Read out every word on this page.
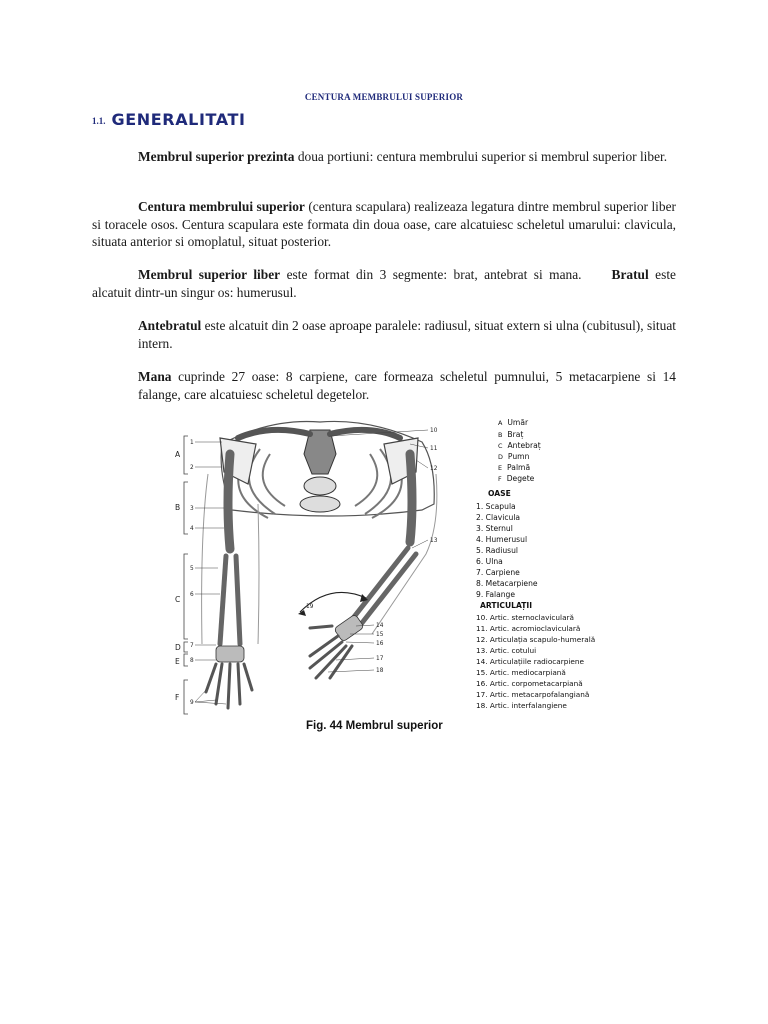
CENTURA MEMBRULUI SUPERIOR
1.1. GENERALITATI

Membrul superior prezinta doua portiuni: centura membrului superior si membrul superior liber.

Centura membrului superior (centura scapulara) realizeaza legatura dintre membrul superior liber si toracele osos. Centura scapulara este formata din doua oase, care alcatuiesc scheletul umarului: clavicula, situata anterior si omoplatul, situat posterior.

Membrul superior liber este format din 3 segmente: brat, antebrat si mana. Bratul este alcatuit dintr-un singur os: humerusul.

Antebratul este alcatuit din 2 oase aproape paralele: radiusul, situat extern si ulna (cubitusul), situat intern.

Mana cuprinde 27 oase: 8 carpiene, care formeaza scheletul pumnului, 5 metacarpiene si 14 falange, care alcatuiesc scheletul degetelor.

A
B
C
D
E
F
1
2
3
4
5
6
7
8
9
10
11
12
13
14
15
16
17
18
19
A Umăr
B Braț
C Antebraț
D Pumn
E Palmă
F Degete
OASE
1. Scapula
2. Clavicula
3. Sternul
4. Humerusul
5. Radiusul
6. Ulna
7. Carpiene
8. Metacarpiene
9. Falange
ARTICULAȚII
10. Artic. sternoclaviculară
11. Artic. acromioclaviculară
12. Articulația scapulo-humerală
13. Artic. cotului
14. Articulațiile radiocarpiene
15. Artic. mediocarpiană
16. Artic. corpometacarpiană
17. Artic. metacarpofalangiană
18. Artic. interfalangiene
Fig. 44 Membrul superior
